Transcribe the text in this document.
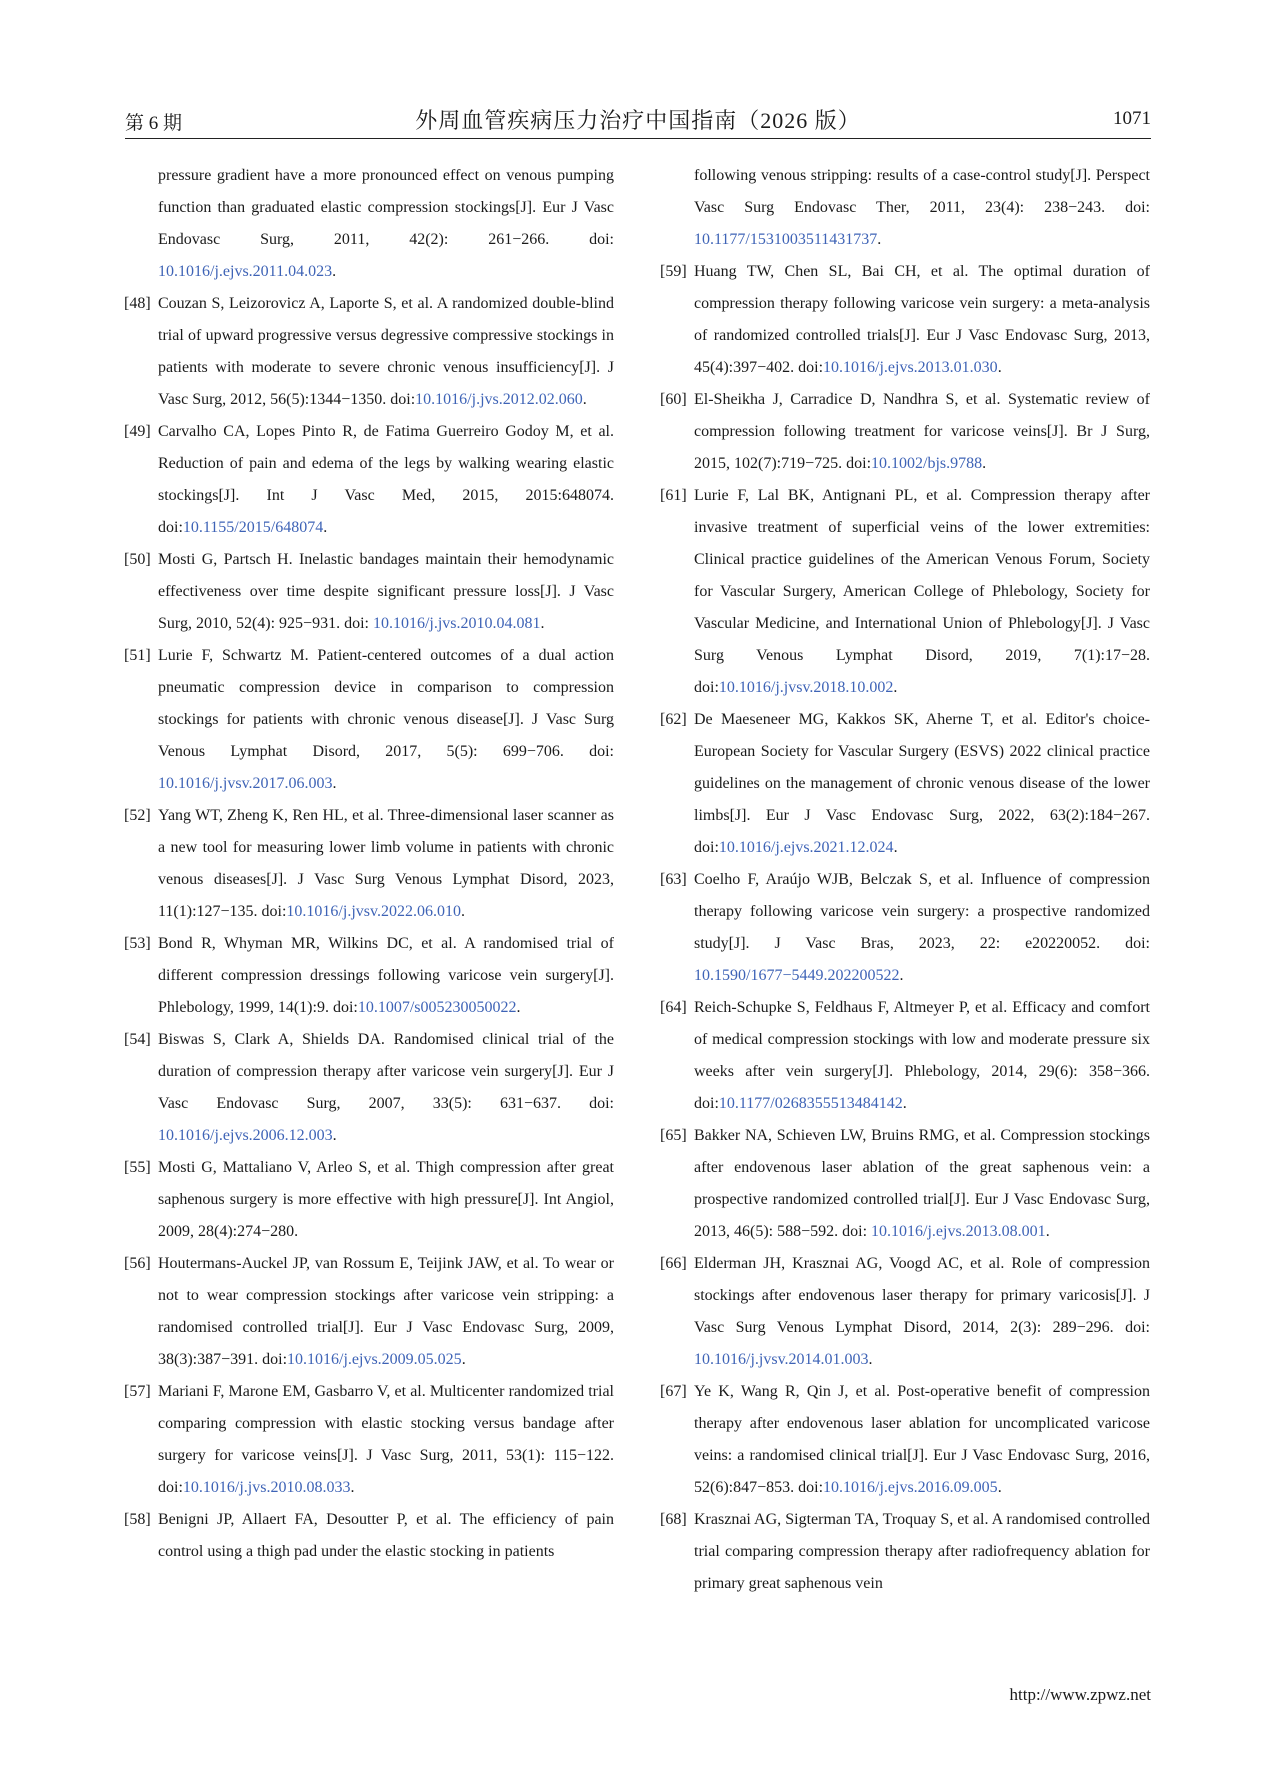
第 6 期	外周血管疾病压力治疗中国指南（2026 版）	1071
pressure gradient have a more pronounced effect on venous pumping function than graduated elastic compression stockings[J]. Eur J Vasc Endovasc Surg, 2011, 42(2): 261−266. doi: 10.1016/j.ejvs.2011.04.023.
[48] Couzan S, Leizorovicz A, Laporte S, et al. A randomized double-blind trial of upward progressive versus degressive compressive stockings in patients with moderate to severe chronic venous insufficiency[J]. J Vasc Surg, 2012, 56(5):1344−1350. doi:10.1016/j.jvs.2012.02.060.
[49] Carvalho CA, Lopes Pinto R, de Fatima Guerreiro Godoy M, et al. Reduction of pain and edema of the legs by walking wearing elastic stockings[J]. Int J Vasc Med, 2015, 2015:648074. doi:10.1155/2015/648074.
[50] Mosti G, Partsch H. Inelastic bandages maintain their hemodynamic effectiveness over time despite significant pressure loss[J]. J Vasc Surg, 2010, 52(4): 925−931. doi: 10.1016/j.jvs.2010.04.081.
[51] Lurie F, Schwartz M. Patient-centered outcomes of a dual action pneumatic compression device in comparison to compression stockings for patients with chronic venous disease[J]. J Vasc Surg Venous Lymphat Disord, 2017, 5(5): 699−706. doi: 10.1016/j.jvsv.2017.06.003.
[52] Yang WT, Zheng K, Ren HL, et al. Three-dimensional laser scanner as a new tool for measuring lower limb volume in patients with chronic venous diseases[J]. J Vasc Surg Venous Lymphat Disord, 2023, 11(1):127−135. doi:10.1016/j.jvsv.2022.06.010.
[53] Bond R, Whyman MR, Wilkins DC, et al. A randomised trial of different compression dressings following varicose vein surgery[J]. Phlebology, 1999, 14(1):9. doi:10.1007/s005230050022.
[54] Biswas S, Clark A, Shields DA. Randomised clinical trial of the duration of compression therapy after varicose vein surgery[J]. Eur J Vasc Endovasc Surg, 2007, 33(5): 631−637. doi: 10.1016/j.ejvs.2006.12.003.
[55] Mosti G, Mattaliano V, Arleo S, et al. Thigh compression after great saphenous surgery is more effective with high pressure[J]. Int Angiol, 2009, 28(4):274−280.
[56] Houtermans-Auckel JP, van Rossum E, Teijink JAW, et al. To wear or not to wear compression stockings after varicose vein stripping: a randomised controlled trial[J]. Eur J Vasc Endovasc Surg, 2009, 38(3):387−391. doi:10.1016/j.ejvs.2009.05.025.
[57] Mariani F, Marone EM, Gasbarro V, et al. Multicenter randomized trial comparing compression with elastic stocking versus bandage after surgery for varicose veins[J]. J Vasc Surg, 2011, 53(1): 115−122. doi:10.1016/j.jvs.2010.08.033.
[58] Benigni JP, Allaert FA, Desoutter P, et al. The efficiency of pain control using a thigh pad under the elastic stocking in patients
following venous stripping: results of a case-control study[J]. Perspect Vasc Surg Endovasc Ther, 2011, 23(4): 238−243. doi: 10.1177/1531003511431737.
[59] Huang TW, Chen SL, Bai CH, et al. The optimal duration of compression therapy following varicose vein surgery: a meta-analysis of randomized controlled trials[J]. Eur J Vasc Endovasc Surg, 2013, 45(4):397−402. doi:10.1016/j.ejvs.2013.01.030.
[60] El-Sheikha J, Carradice D, Nandhra S, et al. Systematic review of compression following treatment for varicose veins[J]. Br J Surg, 2015, 102(7):719−725. doi:10.1002/bjs.9788.
[61] Lurie F, Lal BK, Antignani PL, et al. Compression therapy after invasive treatment of superficial veins of the lower extremities: Clinical practice guidelines of the American Venous Forum, Society for Vascular Surgery, American College of Phlebology, Society for Vascular Medicine, and International Union of Phlebology[J]. J Vasc Surg Venous Lymphat Disord, 2019, 7(1):17−28. doi:10.1016/j.jvsv.2018.10.002.
[62] De Maeseneer MG, Kakkos SK, Aherne T, et al. Editor's choice-European Society for Vascular Surgery (ESVS) 2022 clinical practice guidelines on the management of chronic venous disease of the lower limbs[J]. Eur J Vasc Endovasc Surg, 2022, 63(2):184−267. doi:10.1016/j.ejvs.2021.12.024.
[63] Coelho F, Araújo WJB, Belczak S, et al. Influence of compression therapy following varicose vein surgery: a prospective randomized study[J]. J Vasc Bras, 2023, 22: e20220052. doi: 10.1590/1677−5449.202200522.
[64] Reich-Schupke S, Feldhaus F, Altmeyer P, et al. Efficacy and comfort of medical compression stockings with low and moderate pressure six weeks after vein surgery[J]. Phlebology, 2014, 29(6): 358−366. doi:10.1177/0268355513484142.
[65] Bakker NA, Schieven LW, Bruins RMG, et al. Compression stockings after endovenous laser ablation of the great saphenous vein: a prospective randomized controlled trial[J]. Eur J Vasc Endovasc Surg, 2013, 46(5): 588−592. doi: 10.1016/j.ejvs.2013.08.001.
[66] Elderman JH, Krasznai AG, Voogd AC, et al. Role of compression stockings after endovenous laser therapy for primary varicosis[J]. J Vasc Surg Venous Lymphat Disord, 2014, 2(3): 289−296. doi: 10.1016/j.jvsv.2014.01.003.
[67] Ye K, Wang R, Qin J, et al. Post-operative benefit of compression therapy after endovenous laser ablation for uncomplicated varicose veins: a randomised clinical trial[J]. Eur J Vasc Endovasc Surg, 2016, 52(6):847−853. doi:10.1016/j.ejvs.2016.09.005.
[68] Krasznai AG, Sigterman TA, Troquay S, et al. A randomised controlled trial comparing compression therapy after radiofrequency ablation for primary great saphenous vein
http://www.zpwz.net
